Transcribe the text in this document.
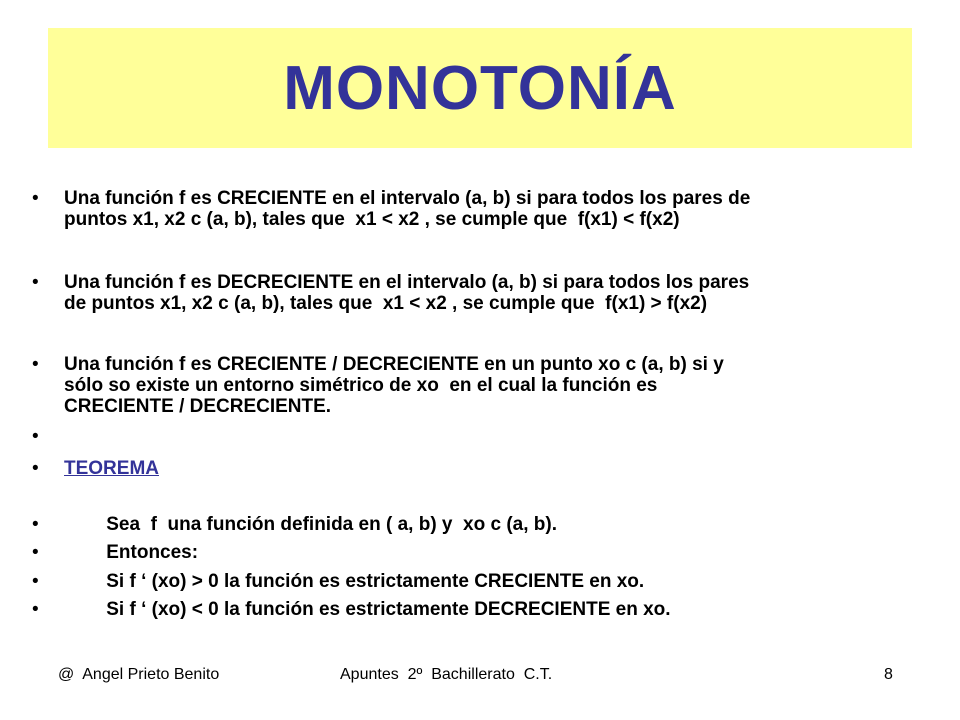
MONOTONÍA
• Una función f es CRECIENTE en el intervalo (a, b) si para todos los pares de
puntos x1, x2 c (a, b), tales que  x1 < x2 , se cumple que  f(x1) < f(x2)
• Una función f es DECRECIENTE en el intervalo (a, b) si para todos los pares
de puntos x1, x2 c (a, b), tales que  x1 < x2 , se cumple que  f(x1) > f(x2)
• Una función f es CRECIENTE / DECRECIENTE en un punto xo c (a, b) si y
sólo so existe un entorno simétrico de xo  en el cual la función es
CRECIENTE / DECRECIENTE.
•
• TEOREMA
• Sea  f  una función definida en ( a, b) y  xo c (a, b).
• Entonces:
• Si f ‘ (xo) > 0 la función es estrictamente CRECIENTE en xo.
• Si f ‘ (xo) < 0 la función es estrictamente DECRECIENTE en xo.
@  Angel Prieto Benito	Apuntes  2º  Bachillerato  C.T.	8
